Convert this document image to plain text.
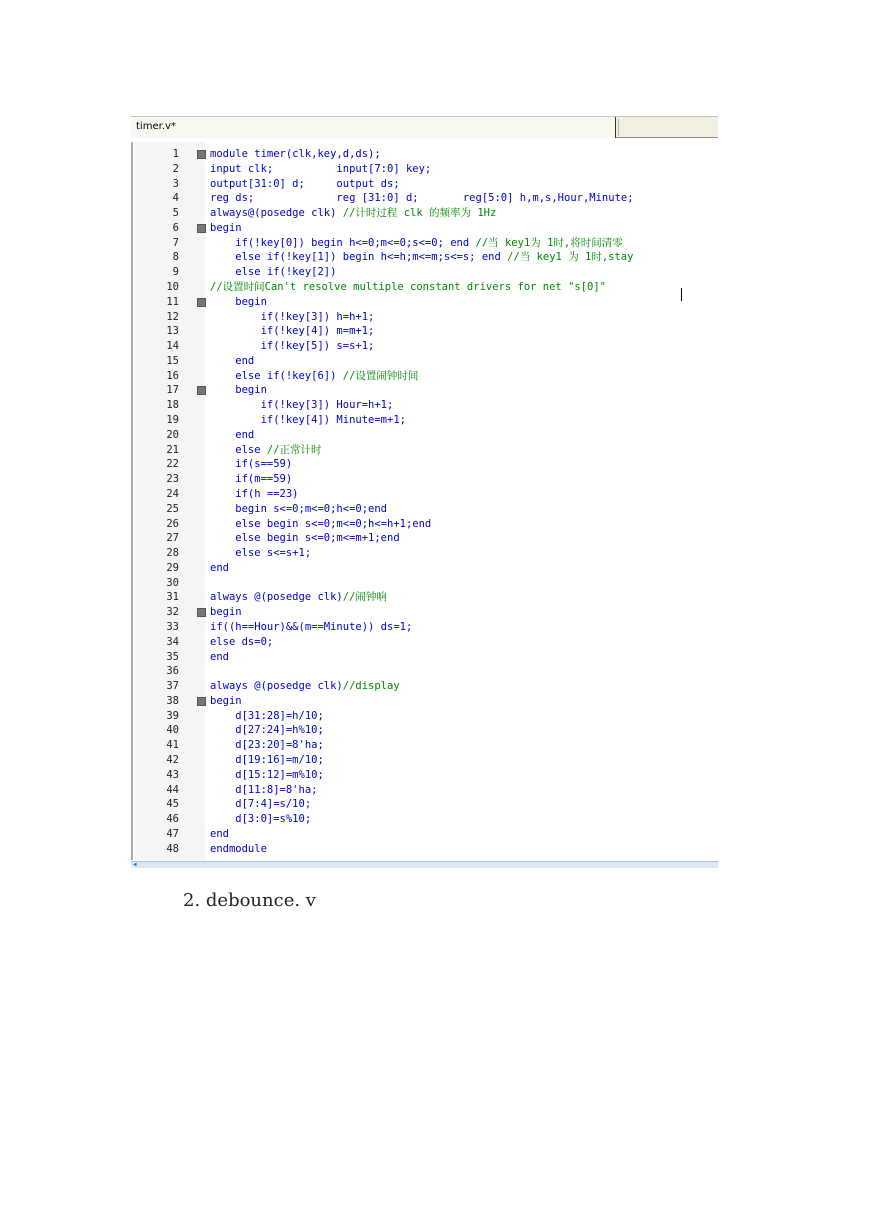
timer.v*
1	module timer(clk,key,d,ds);
2	input clk;          input[7:0] key;
3	output[31:0] d;     output ds;
4	reg ds;             reg [31:0] d;       reg[5:0] h,m,s,Hour,Minute;
5	always@(posedge clk) //计时过程 clk 的频率为 1Hz
6	begin
7	if(!key[0]) begin h<=0;m<=0;s<=0; end //当 key1为 1时,将时间清零
8	else if(!key[1]) begin h<=h;m<=m;s<=s; end //当 key1 为 1时,stay
9	else if(!key[2])
10	//设置时间Can't resolve multiple constant drivers for net "s[0]"
11	begin
12	if(!key[3]) h=h+1;
13	if(!key[4]) m=m+1;
14	if(!key[5]) s=s+1;
15	end
16	else if(!key[6]) //设置闹钟时间
17	begin
18	if(!key[3]) Hour=h+1;
19	if(!key[4]) Minute=m+1;
20	end
21	else //正常计时
22	if(s==59)
23	if(m==59)
24	if(h ==23)
25	begin s<=0;m<=0;h<=0;end
26	else begin s<=0;m<=0;h<=h+1;end
27	else begin s<=0;m<=m+1;end
28	else s<=s+1;
29	end
30
31	always @(posedge clk)//闹钟响
32	begin
33	if((h==Hour)&&(m==Minute)) ds=1;
34	else ds=0;
35	end
36
37	always @(posedge clk)//display
38	begin
39	d[31:28]=h/10;
40	d[27:24]=h%10;
41	d[23:20]=8'ha;
42	d[19:16]=m/10;
43	d[15:12]=m%10;
44	d[11:8]=8'ha;
45	d[7:4]=s/10;
46	d[3:0]=s%10;
47	end
48	endmodule
◀
2. debounce. v
